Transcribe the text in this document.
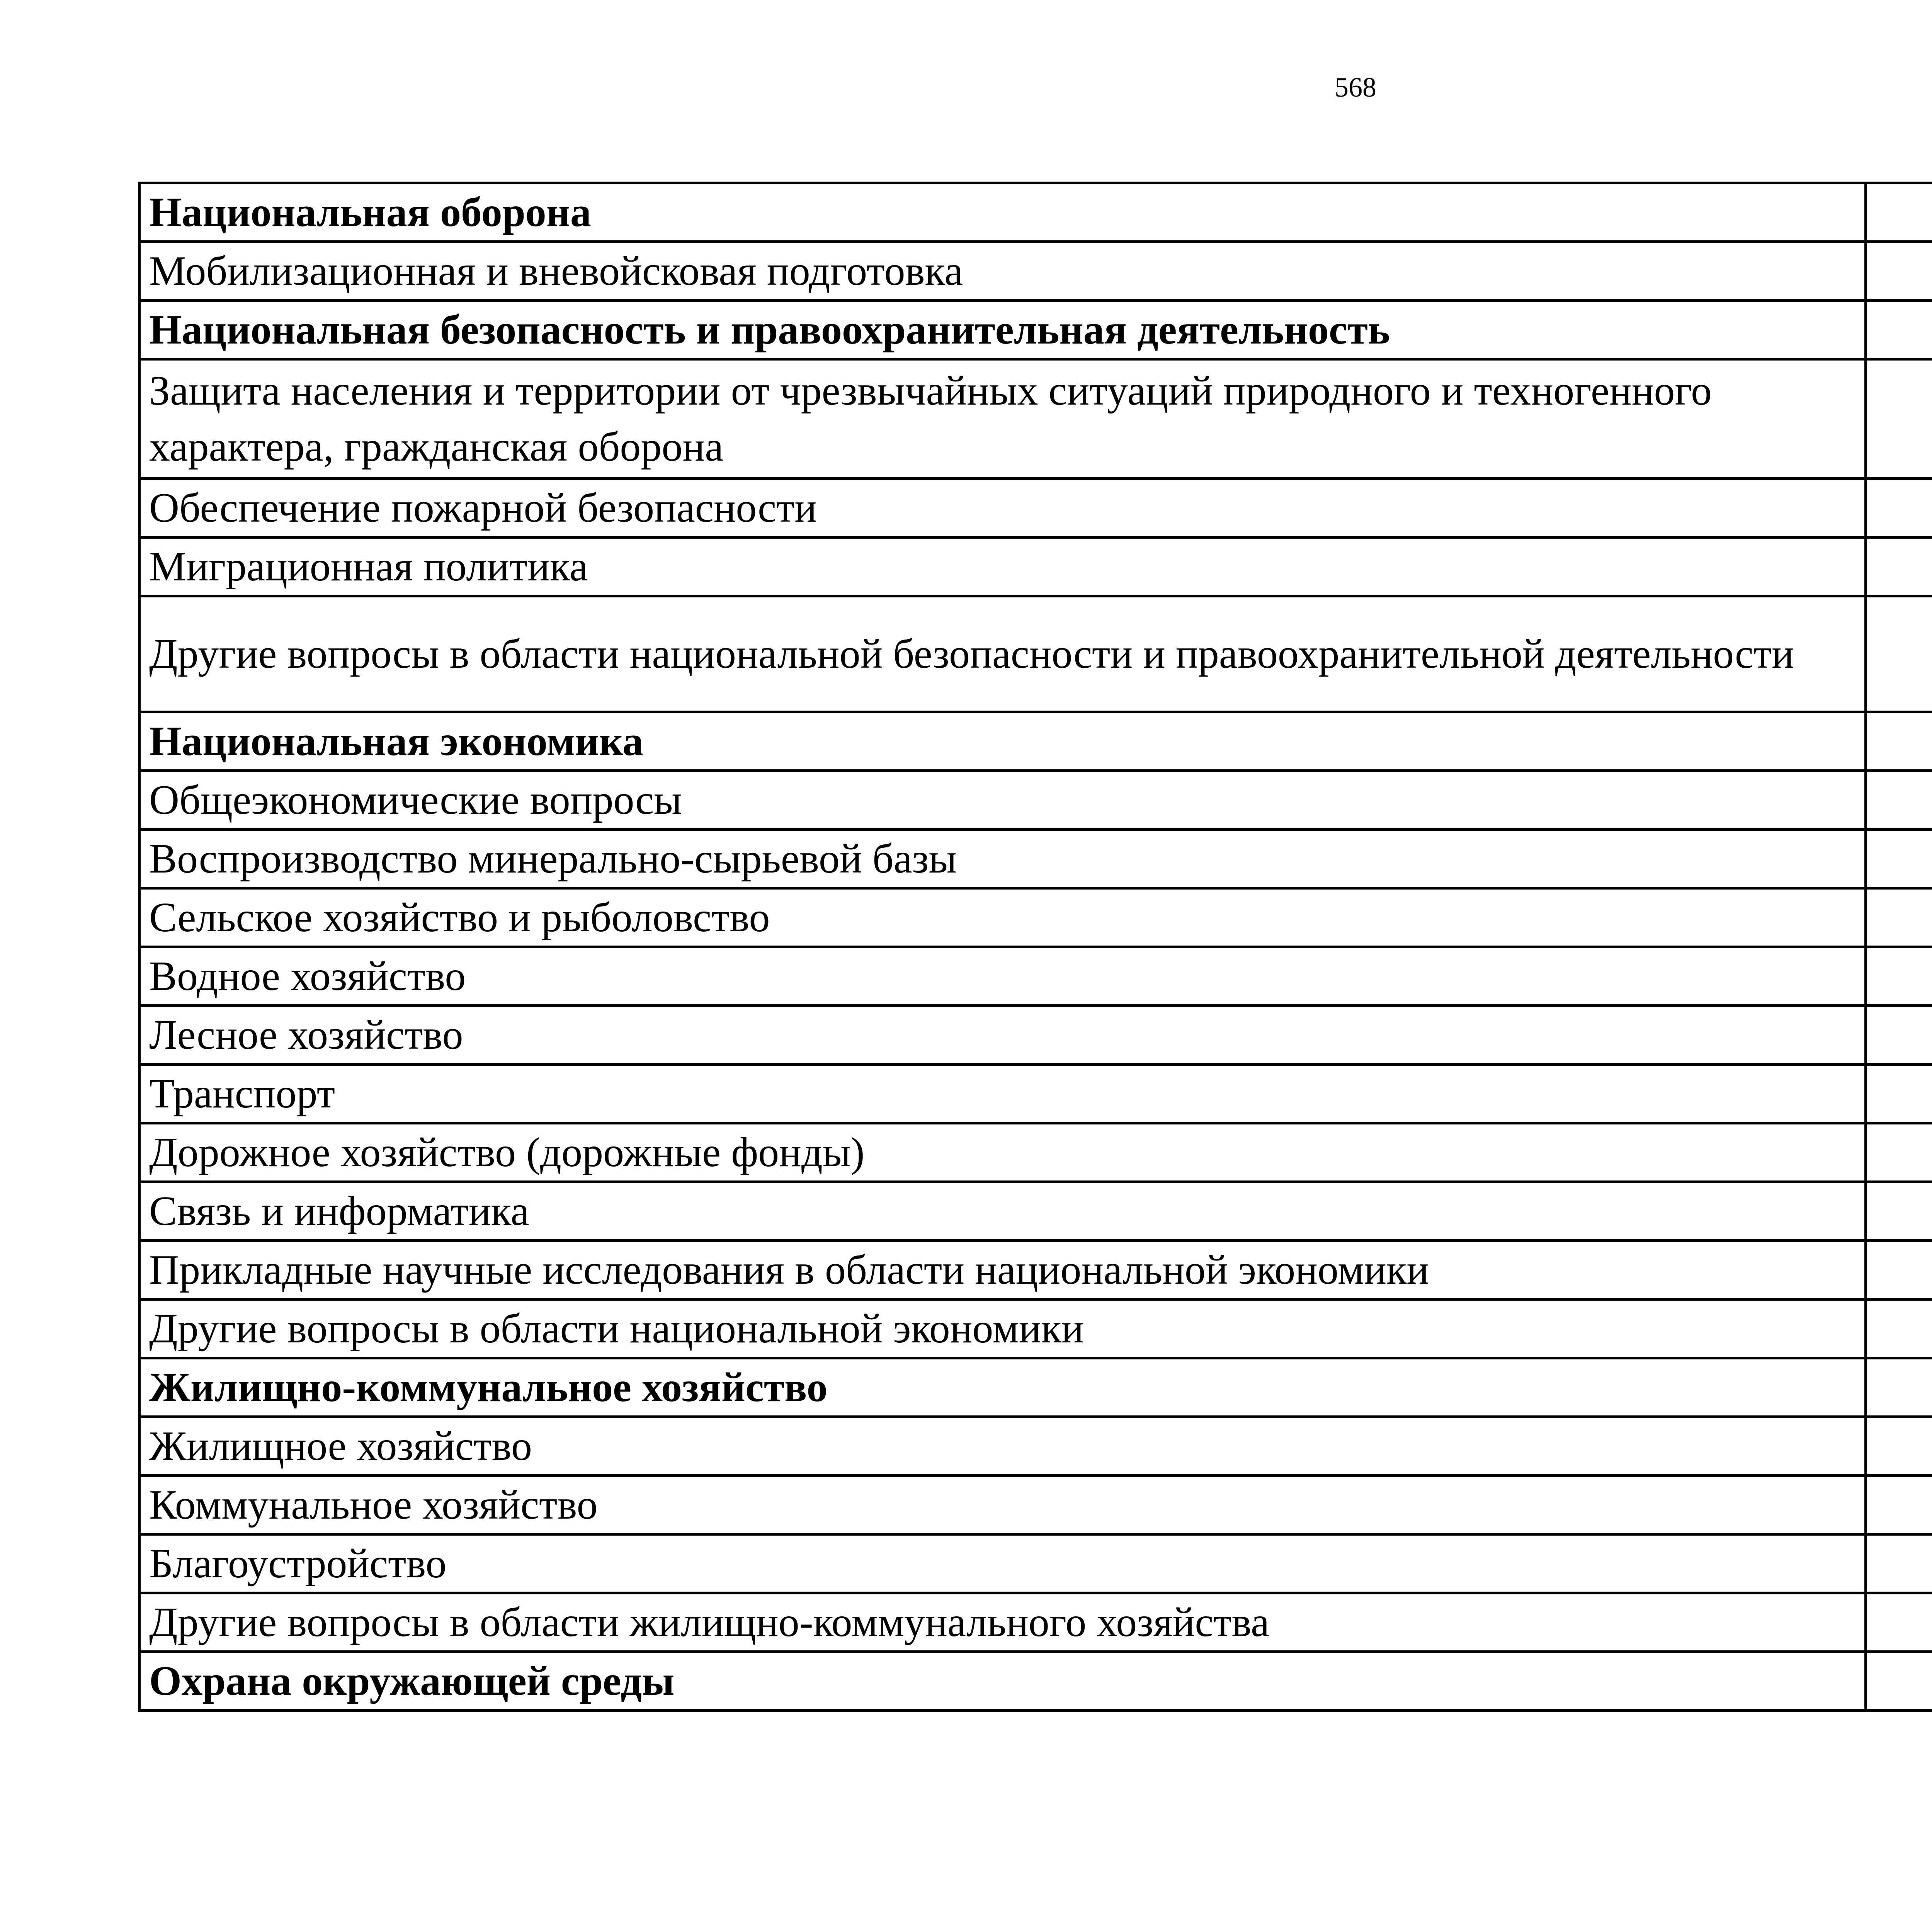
568
Национальная оборона		
Мобилизационная и вневойсковая подготовка		
Национальная безопасность и правоохранительная деятельность		
Защита населения и территории от чрезвычайных ситуаций природного и техногенного характера, гражданская оборона		
Обеспечение пожарной безопасности		
Миграционная политика		
Другие вопросы в области национальной безопасности и правоохранительной деятельности		
Национальная экономика		
Общеэкономические вопросы		
Воспроизводство минерально-сырьевой базы		
Сельское хозяйство и рыболовство		
Водное хозяйство		
Лесное хозяйство		
Транспорт		
Дорожное хозяйство (дорожные фонды)		
Связь и информатика		
Прикладные научные исследования в области национальной экономики		
Другие вопросы в области национальной экономики		
Жилищно-коммунальное хозяйство		
Жилищное хозяйство		
Коммунальное хозяйство		
Благоустройство		
Другие вопросы в области жилищно-коммунального хозяйства		
Охрана окружающей среды		
